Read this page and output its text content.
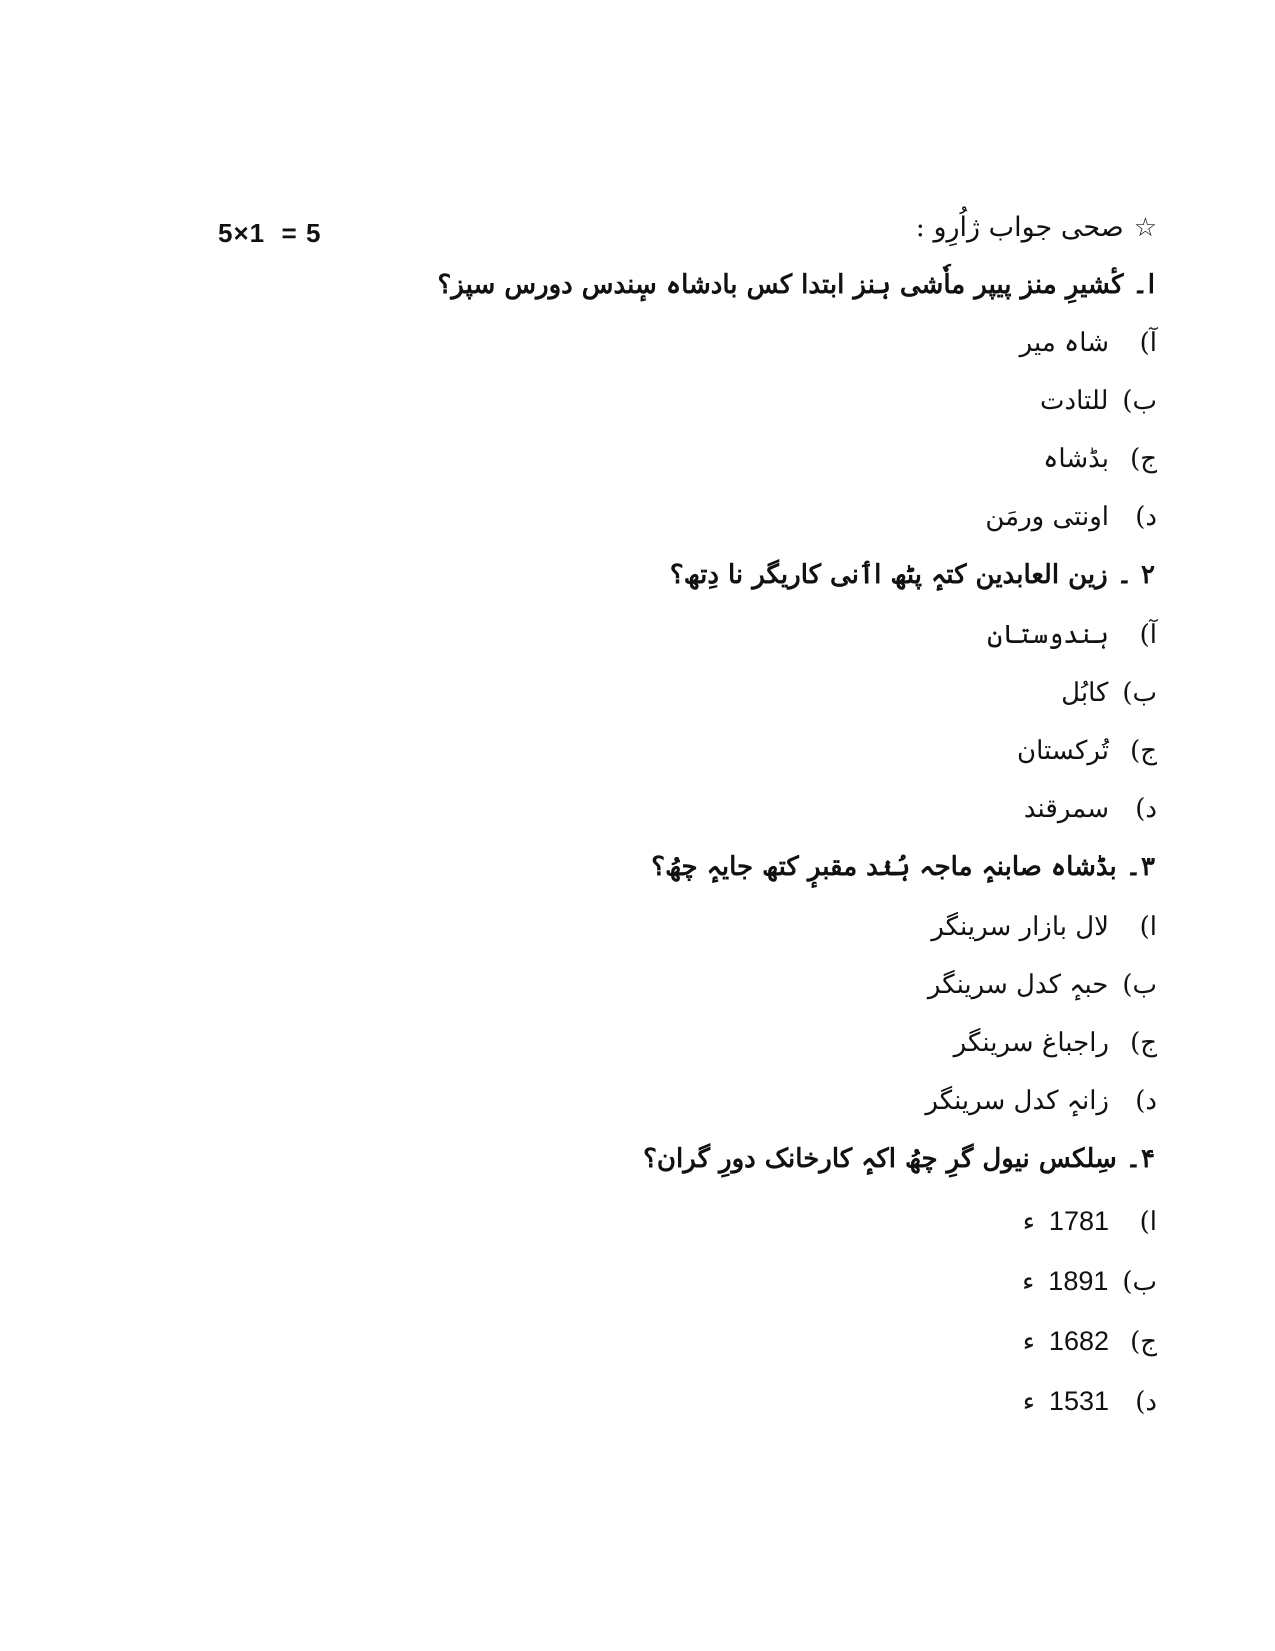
5×1  = 5	☆
صحی جواب ژاُرِو :
ا۔ کٔشیرِ منز پیپر ماٗشی ہنز ابتدا کس بادشاہ سٕندس دورس سپز؟
آ)
شاہ میر
ب)
للتادت
ج)
بڈشاہ
د)
اونتی ورمَن
۲ ۔ زین العابدین کتہٕ پٹھ اٲنی کاریگر نا دِتھ؟
آ)
ہندوستان
ب)
کابُل
ج)
تُرکستان
د)
سمرقند
۳۔ بڈشاہ صابنہٕ ماجہ ہُنٛد مقبرٕ کتھ جایہٕ چھُ؟
ا)
لال بازار سرینگر
ب)
حبہٕ کدل سرینگر
ج)
راجباغ سرینگر
د)
زانہٕ کدل سرینگر
۴۔ سِلکس نیول گرِ چھُ اکہٕ کارخانک دورِ گران؟
ا)
1781
ء
ب)
1891
ء
ج)
1682
ء
د)
1531
ء
